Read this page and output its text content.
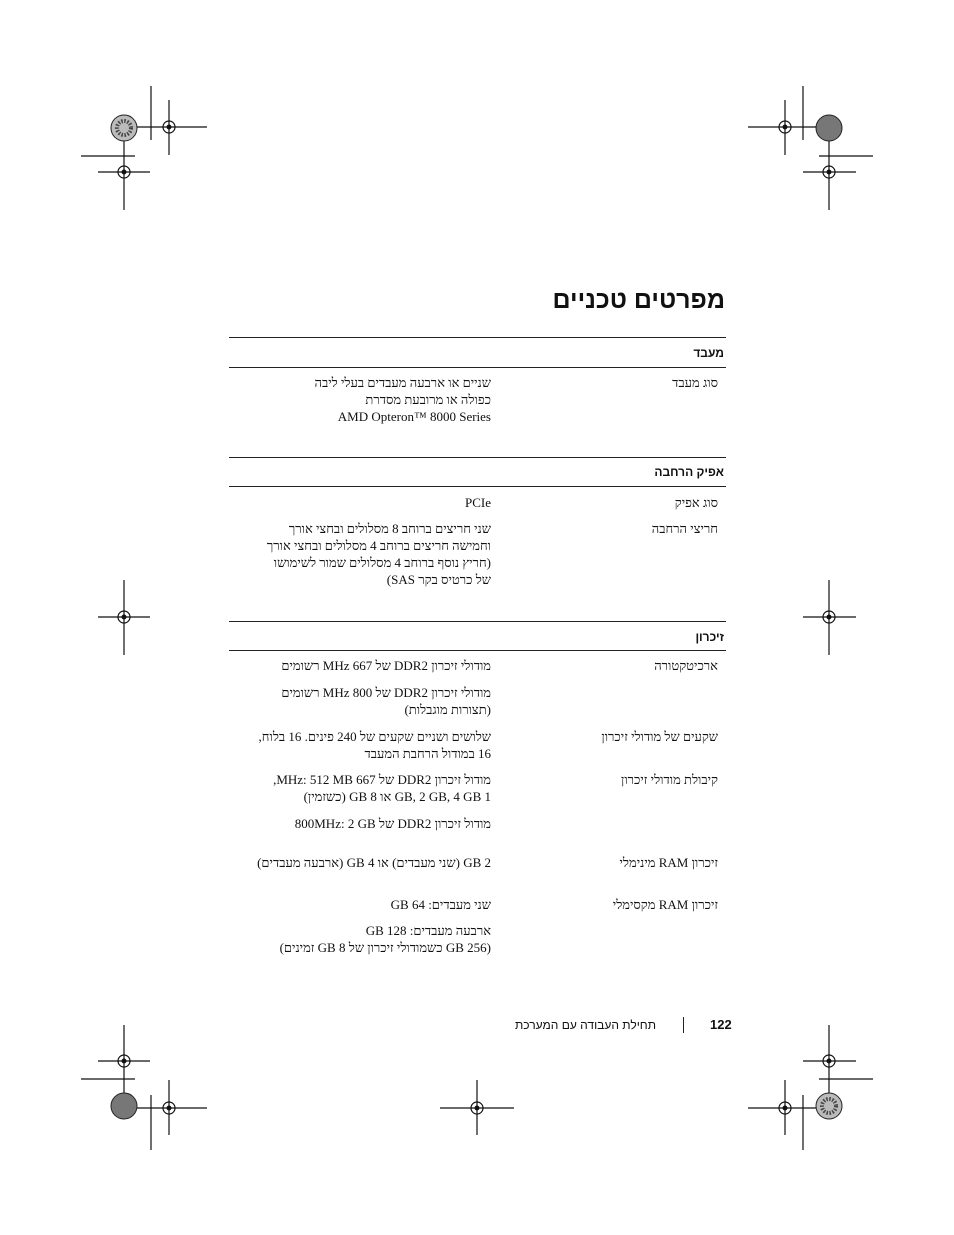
מפרטים טכניים
מעבד
סוג מעבד
שניים או ארבעה מעבדים בעלי ליבה
כפולה או מרובעת מסדרת
AMD Opteron™ 8000 Series
אפיק הרחבה
סוג אפיק
PCIe
חריצי הרחבה
שני חריצים ברוחב 8 מסלולים ובחצי אורך
וחמישה חריצים ברוחב 4 מסלולים ובחצי אורך
(חריץ נוסף ברוחב 4 מסלולים שמור לשימושו
של כרטיס בקר SAS)
זיכרון
ארכיטקטורה
מודולי זיכרון DDR2 של 667 MHz רשומים
מודולי זיכרון DDR2 של 800 MHz רשומים
(תצורות מוגבלות)
שקעים של מודולי זיכרון
שלושים ושניים שקעים של 240 פינים. 16 בלוח,
16 במודול הרחבת המעבד
קיבולת מודולי זיכרון
מודול זיכרון DDR2 של 667 MHz: 512 MB,
1 GB, 2 GB, 4 GB או 8 GB (כשזמין)
מודול זיכרון DDR2 של 800MHz: 2 GB
זיכרון RAM מינימלי
2 GB (שני מעבדים) או 4 GB (ארבעה מעבדים)
זיכרון RAM מקסימלי
שני מעבדים: 64 GB
ארבעה מעבדים: 128 GB
(256 GB כשמודולי זיכרון של 8 GB זמינים)
122
תחילת העבודה עם המערכת
